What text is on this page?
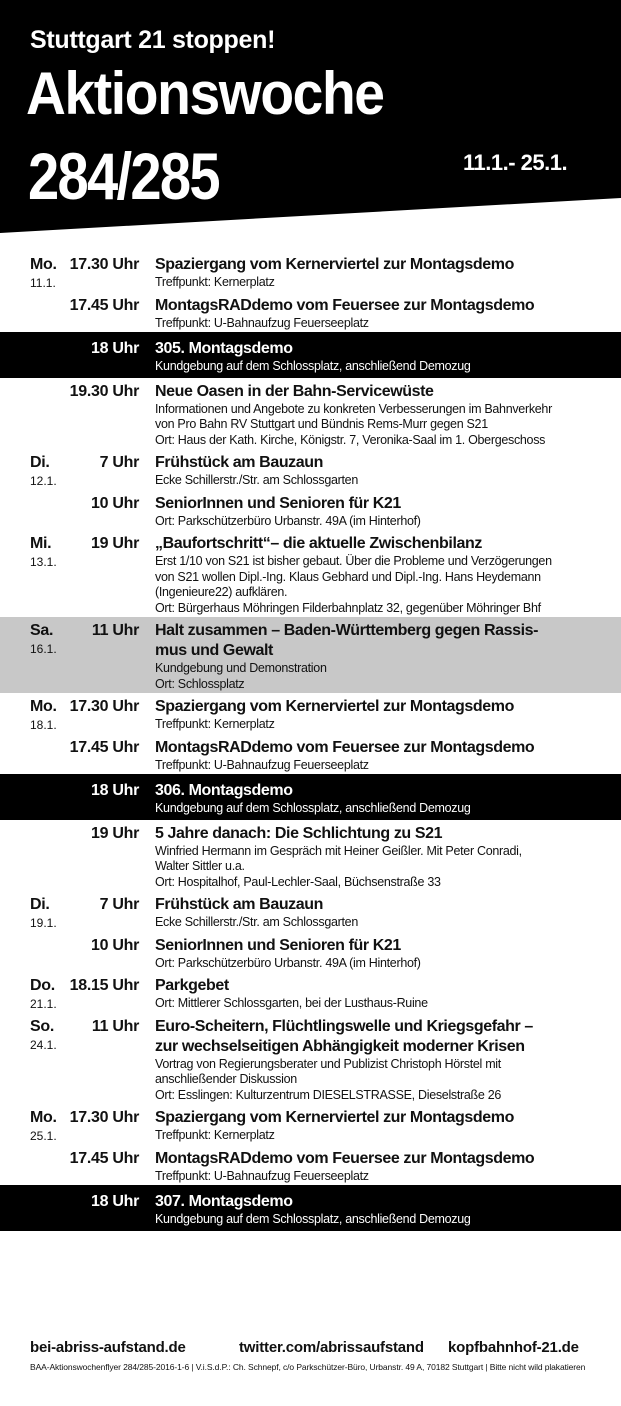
Stuttgart 21 stoppen!
Aktionswoche
284/285	11.1.- 25.1.
Mo.
11.1.
17.30 Uhr Spaziergang vom Kernerviertel zur Montagsdemo
Treffpunkt: Kernerplatz
17.45 Uhr MontagsRADdemo vom Feuersee zur Montagsdemo
Treffpunkt: U-Bahnaufzug Feuerseeplatz
18 Uhr 305. Montagsdemo
Kundgebung auf dem Schlossplatz, anschließend Demozug
19.30 Uhr Neue Oasen in der Bahn-Servicewüste
Informationen und Angebote zu konkreten Verbesserungen im Bahnverkehr
von Pro Bahn RV Stuttgart und Bündnis Rems-Murr gegen S21
Ort: Haus der Kath. Kirche, Königstr. 7, Veronika-Saal im 1. Obergeschoss
Di.
12.1.
7 Uhr Frühstück am Bauzaun
Ecke Schillerstr./Str. am Schlossgarten
10 Uhr SeniorInnen und Senioren für K21
Ort: Parkschützerbüro Urbanstr. 49A (im Hinterhof)
Mi.
13.1.
19 Uhr „Baufortschritt“– die aktuelle Zwischenbilanz
Erst 1/10 von S21 ist bisher gebaut. Über die Probleme und Verzögerungen
von S21 wollen Dipl.-Ing. Klaus Gebhard und Dipl.-Ing. Hans Heydemann
(Ingenieure22) aufklären.
Ort: Bürgerhaus Möhringen Filderbahnplatz 32, gegenüber Möhringer Bhf
Sa.
16.1.
11 Uhr Halt zusammen – Baden-Württemberg gegen Rassis-
mus und Gewalt
Kundgebung und Demonstration
Ort: Schlossplatz
Mo.
18.1.
17.30 Uhr Spaziergang vom Kernerviertel zur Montagsdemo
Treffpunkt: Kernerplatz
17.45 Uhr MontagsRADdemo vom Feuersee zur Montagsdemo
Treffpunkt: U-Bahnaufzug Feuerseeplatz
18 Uhr 306. Montagsdemo
Kundgebung auf dem Schlossplatz, anschließend Demozug
19 Uhr 5 Jahre danach: Die Schlichtung zu S21
Winfried Hermann im Gespräch mit Heiner Geißler. Mit Peter Conradi,
Walter Sittler u.a.
Ort: Hospitalhof, Paul-Lechler-Saal, Büchsenstraße 33
Di.
19.1.
7 Uhr Frühstück am Bauzaun
Ecke Schillerstr./Str. am Schlossgarten
10 Uhr SeniorInnen und Senioren für K21
Ort: Parkschützerbüro Urbanstr. 49A (im Hinterhof)
Do.
21.1.
18.15 Uhr Parkgebet
Ort: Mittlerer Schlossgarten, bei der Lusthaus-Ruine
So.
24.1.
11 Uhr Euro-Scheitern, Flüchtlingswelle und Kriegsgefahr –
zur wechselseitigen Abhängigkeit moderner Krisen
Vortrag von Regierungsberater und Publizist Christoph Hörstel mit
anschließender Diskussion
Ort: Esslingen: Kulturzentrum DIESELSTRASSE, Dieselstraße 26
Mo.
25.1.
17.30 Uhr Spaziergang vom Kernerviertel zur Montagsdemo
Treffpunkt: Kernerplatz
17.45 Uhr MontagsRADdemo vom Feuersee zur Montagsdemo
Treffpunkt: U-Bahnaufzug Feuerseeplatz
18 Uhr 307. Montagsdemo
Kundgebung auf dem Schlossplatz, anschließend Demozug
bei-abriss-aufstand.de	twitter.com/abrissaufstand kopfbahnhof-21.de
BAA-Aktionswochenflyer 284/285-2016-1-6 | V.i.S.d.P.: Ch. Schnepf, c/o Parkschützer-Büro, Urbanstr. 49 A, 70182 Stuttgart | Bitte nicht wild plakatieren
